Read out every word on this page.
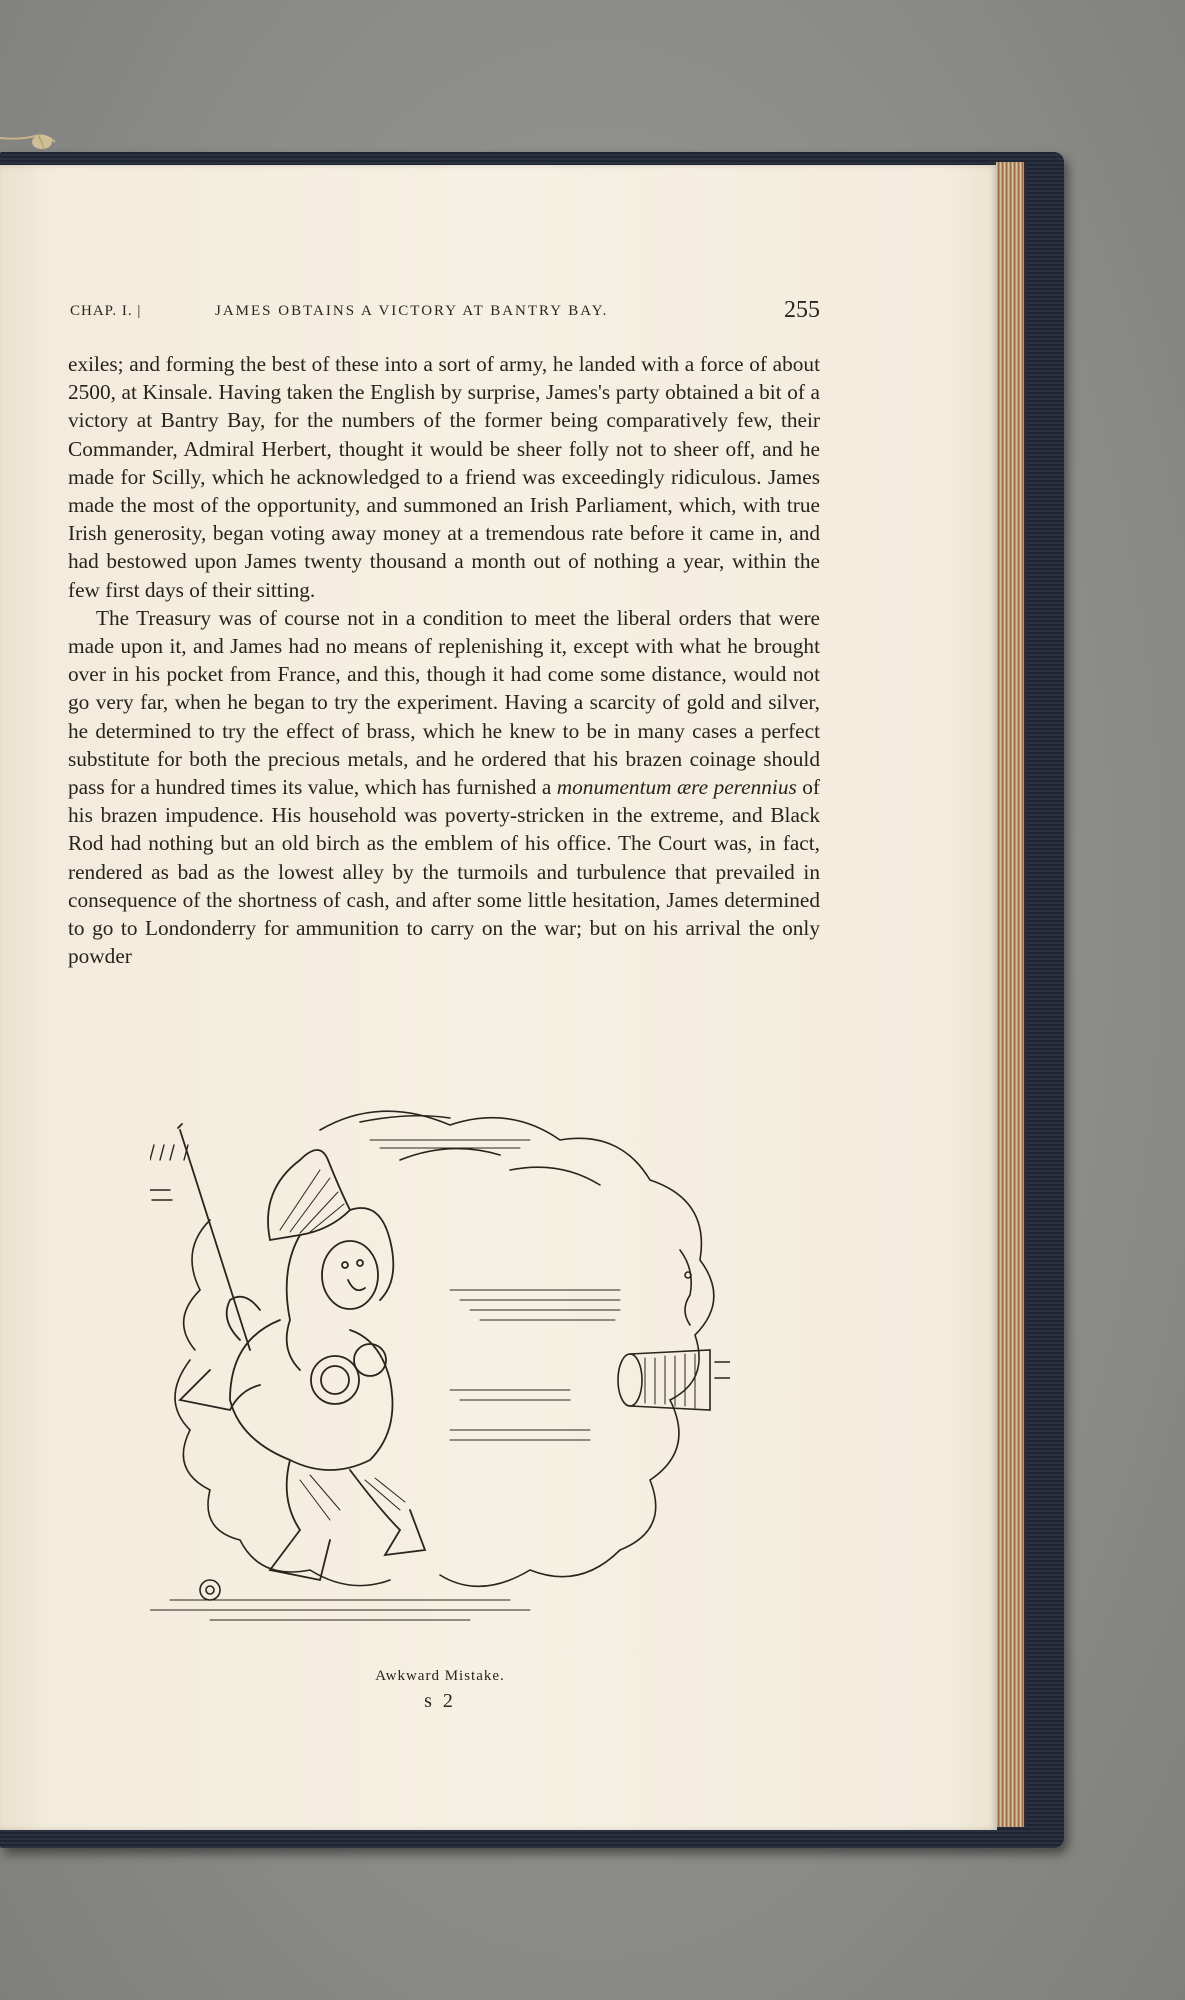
CHAP. I. |	JAMES OBTAINS A VICTORY AT BANTRY BAY.	255

exiles; and forming the best of these into a sort of army, he landed with a force of about 2500, at Kinsale. Having taken the English by surprise, James's party obtained a bit of a victory at Bantry Bay, for the numbers of the former being comparatively few, their Commander, Admiral Herbert, thought it would be sheer folly not to sheer off, and he made for Scilly, which he acknowledged to a friend was exceedingly ridiculous. James made the most of the opportunity, and summoned an Irish Parliament, which, with true Irish generosity, began voting away money at a tremendous rate before it came in, and had bestowed upon James twenty thousand a month out of nothing a year, within the few first days of their sitting.

The Treasury was of course not in a condition to meet the liberal orders that were made upon it, and James had no means of replenishing it, except with what he brought over in his pocket from France, and this, though it had come some distance, would not go very far, when he began to try the experiment. Having a scarcity of gold and silver, he determined to try the effect of brass, which he knew to be in many cases a perfect substitute for both the precious metals, and he ordered that his brazen coinage should pass for a hundred times its value, which has furnished a monumentum ære perennius of his brazen impudence. His household was poverty-stricken in the extreme, and Black Rod had nothing but an old birch as the emblem of his office. The Court was, in fact, rendered as bad as the lowest alley by the turmoils and turbulence that prevailed in consequence of the shortness of cash, and after some little hesitation, James determined to go to Londonderry for ammunition to carry on the war; but on his arrival the only powder

Awkward Mistake.
s 2
